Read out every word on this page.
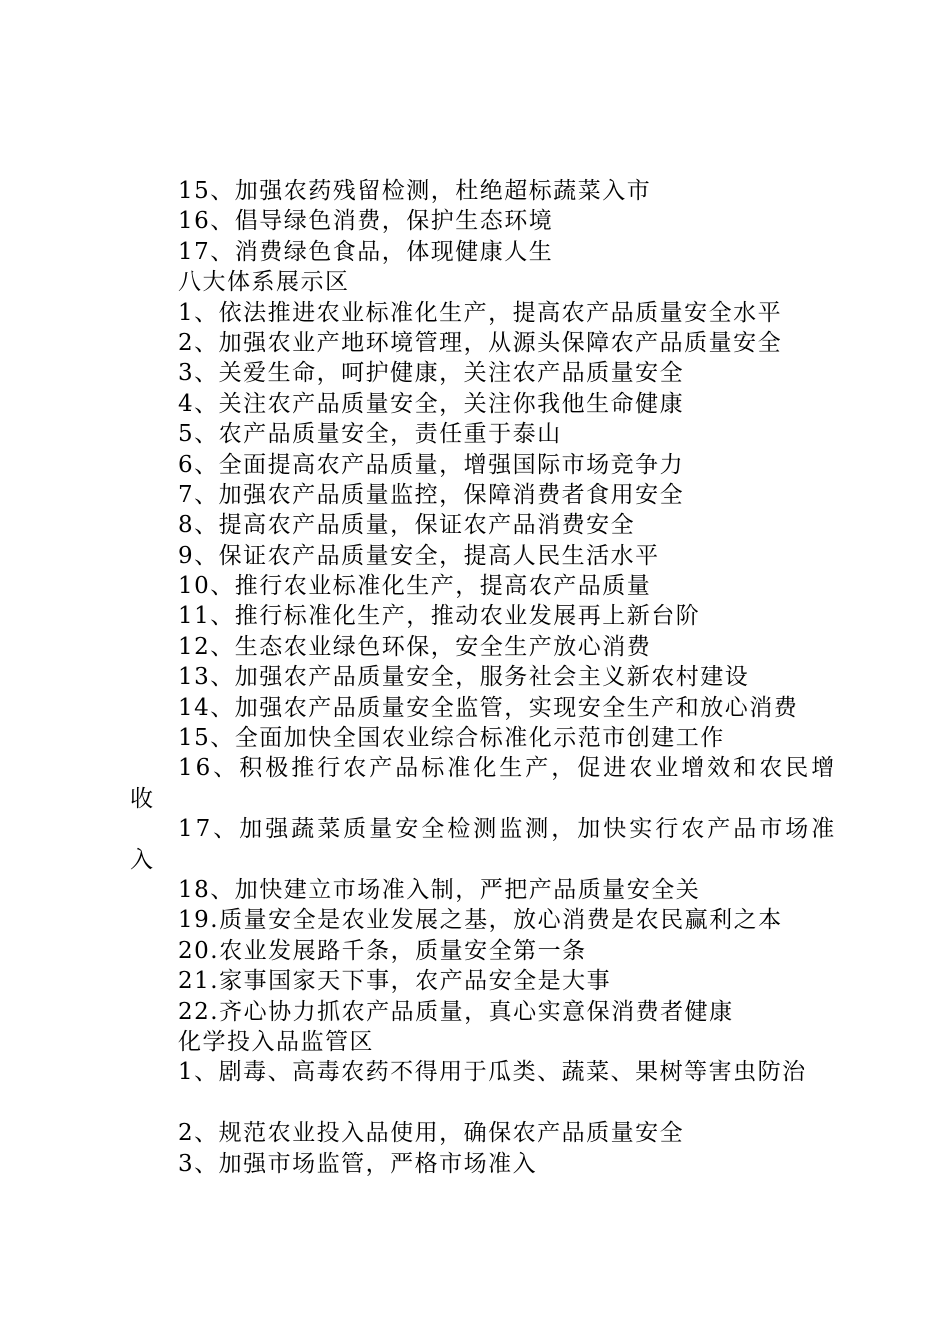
15、加强农药残留检测，杜绝超标蔬菜入市
16、倡导绿色消费，保护生态环境
17、消费绿色食品，体现健康人生
八大体系展示区
1、依法推进农业标准化生产，提高农产品质量安全水平
2、加强农业产地环境管理，从源头保障农产品质量安全
3、关爱生命，呵护健康，关注农产品质量安全
4、关注农产品质量安全，关注你我他生命健康
5、农产品质量安全，责任重于泰山
6、全面提高农产品质量，增强国际市场竞争力
7、加强农产品质量监控，保障消费者食用安全
8、提高农产品质量，保证农产品消费安全
9、保证农产品质量安全，提高人民生活水平
10、推行农业标准化生产，提高农产品质量
11、推行标准化生产，推动农业发展再上新台阶
12、生态农业绿色环保，安全生产放心消费
13、加强农产品质量安全，服务社会主义新农村建设
14、加强农产品质量安全监管，实现安全生产和放心消费
15、全面加快全国农业综合标准化示范市创建工作
16、积极推行农产品标准化生产，促进农业增效和农民增
收
17、加强蔬菜质量安全检测监测，加快实行农产品市场准
入
18、加快建立市场准入制，严把产品质量安全关
19.质量安全是农业发展之基，放心消费是农民赢利之本
20.农业发展路千条，质量安全第一条
21.家事国家天下事，农产品安全是大事
22.齐心协力抓农产品质量，真心实意保消费者健康
化学投入品监管区
1、剧毒、高毒农药不得用于瓜类、蔬菜、果树等害虫防治
2、规范农业投入品使用，确保农产品质量安全
3、加强市场监管，严格市场准入
